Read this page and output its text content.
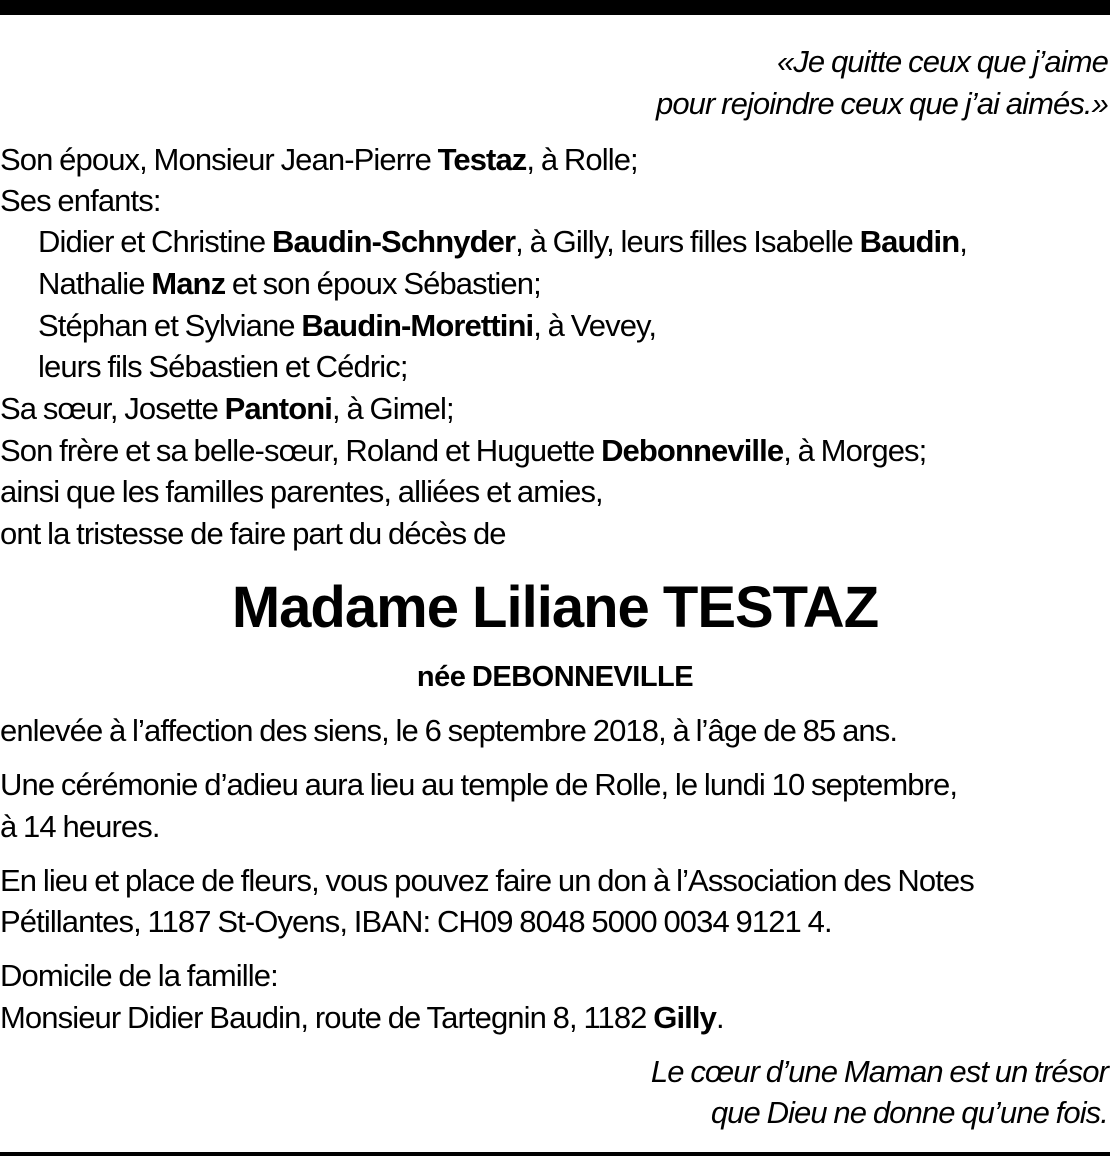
«Je quitte ceux que j’aime
pour rejoindre ceux que j’ai aimés.»
Son époux, Monsieur Jean-Pierre Testaz, à Rolle;
Ses enfants:
Didier et Christine Baudin-Schnyder, à Gilly, leurs filles Isabelle Baudin,
Nathalie Manz et son époux Sébastien;
Stéphan et Sylviane Baudin-Morettini, à Vevey,
leurs fils Sébastien et Cédric;
Sa sœur, Josette Pantoni, à Gimel;
Son frère et sa belle-sœur, Roland et Huguette Debonneville, à Morges;
ainsi que les familles parentes, alliées et amies,
ont la tristesse de faire part du décès de
Madame Liliane TESTAZ
née DEBONNEVILLE
enlevée à l’affection des siens, le 6 septembre 2018, à l’âge de 85 ans.
Une cérémonie d’adieu aura lieu au temple de Rolle, le lundi 10 septembre,
à 14 heures.
En lieu et place de fleurs, vous pouvez faire un don à l’Association des Notes
Pétillantes, 1187 St-Oyens, IBAN: CH09 8048 5000 0034 9121 4.
Domicile de la famille:
Monsieur Didier Baudin, route de Tartegnin 8, 1182 Gilly.
Le cœur d’une Maman est un trésor
que Dieu ne donne qu’une fois.
